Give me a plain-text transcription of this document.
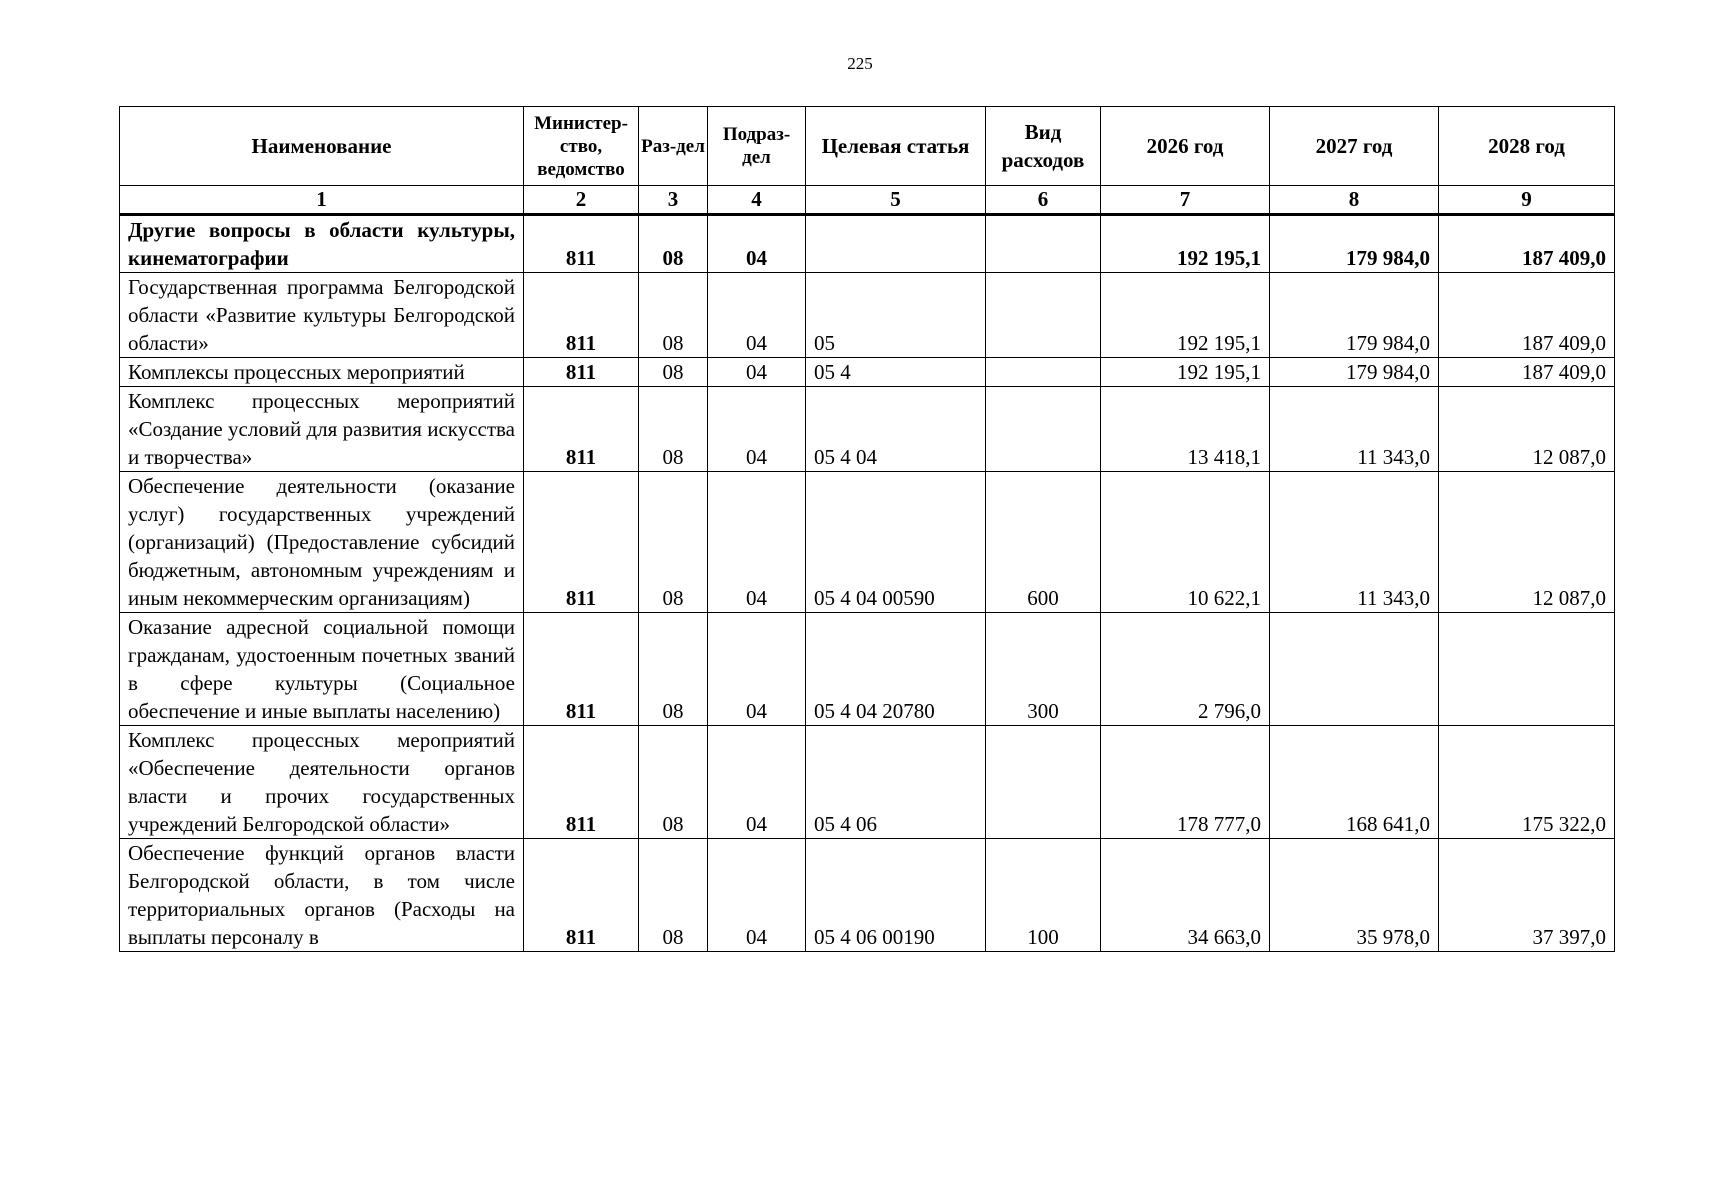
225
Наименование	Министер-ство, ведомство	Раз-дел	Подраз-дел	Целевая статья	Вид расходов	2026 год	2027 год	2028 год
1	2	3	4	5	6	7	8	9
Другие вопросы в области культуры, кинематографии	811	08	04			192 195,1	179 984,0	187 409,0
Государственная программа Белгородской области «Развитие культуры Белгородской области»	811	08	04	05		192 195,1	179 984,0	187 409,0
Комплексы процессных мероприятий	811	08	04	05 4		192 195,1	179 984,0	187 409,0
Комплекс процессных мероприятий «Создание условий для развития искусства и творчества»	811	08	04	05 4 04		13 418,1	11 343,0	12 087,0
Обеспечение деятельности (оказание услуг) государственных учреждений (организаций) (Предоставление субсидий бюджетным, автономным учреждениям и иным некоммерческим организациям)	811	08	04	05 4 04 00590	600	10 622,1	11 343,0	12 087,0
Оказание адресной социальной помощи гражданам, удостоенным почетных званий в сфере культуры (Социальное обеспечение и иные выплаты населению)	811	08	04	05 4 04 20780	300	2 796,0		
Комплекс процессных мероприятий «Обеспечение деятельности органов власти и прочих государственных учреждений Белгородской области»	811	08	04	05 4 06		178 777,0	168 641,0	175 322,0
Обеспечение функций органов власти Белгородской области, в том числе территориальных органов (Расходы на выплаты персоналу в	811	08	04	05 4 06 00190	100	34 663,0	35 978,0	37 397,0
